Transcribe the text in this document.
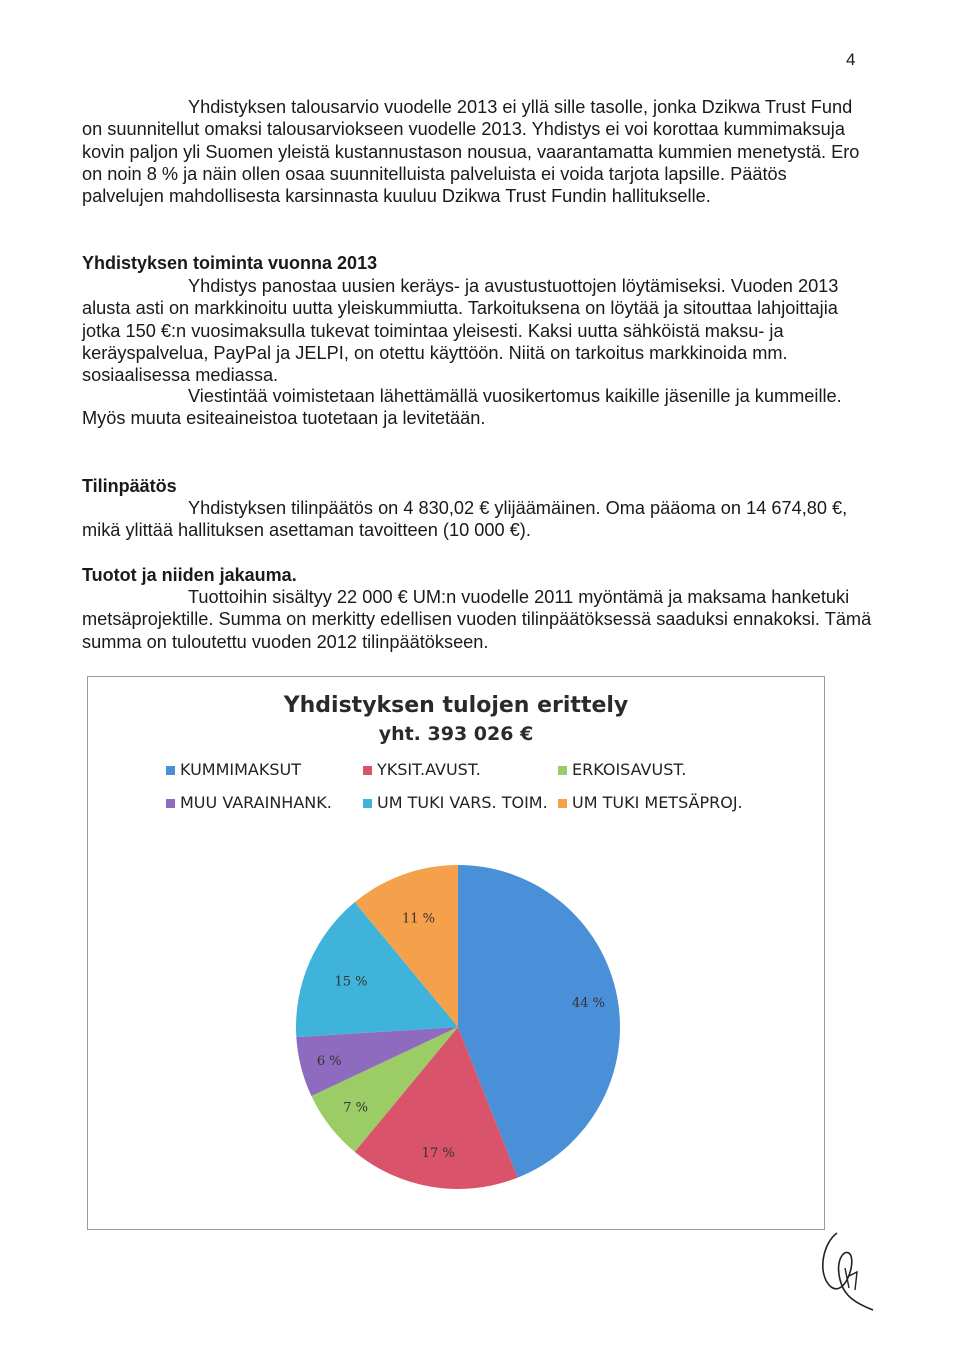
4

Yhdistyksen talousarvio vuodelle 2013 ei yllä sille tasolle, jonka Dzikwa Trust Fund on suunnitellut omaksi talousarviokseen vuodelle 2013. Yhdistys ei voi korottaa kummimaksuja kovin paljon yli Suomen yleistä kustannustason nousua, vaarantamatta kummien menetystä. Ero on noin 8 % ja näin ollen osaa suunnitelluista palveluista ei voida tarjota lapsille. Päätös palvelujen mahdollisesta karsinnasta kuuluu Dzikwa Trust Fundin hallitukselle.

Yhdistyksen toiminta vuonna 2013

Yhdistys panostaa uusien keräys- ja avustustuottojen löytämiseksi. Vuoden 2013 alusta asti on markkinoitu uutta yleiskummiutta. Tarkoituksena on löytää ja sitouttaa lahjoittajia jotka 150 €:n vuosimaksulla tukevat toimintaa yleisesti. Kaksi uutta sähköistä maksu- ja keräyspalvelua, PayPal ja JELPI, on otettu käyttöön. Niitä on tarkoitus markkinoida mm. sosiaalisessa mediassa.

Viestintää voimistetaan lähettämällä vuosikertomus kaikille jäsenille ja kummeille. Myös muuta esiteaineistoa tuotetaan ja levitetään.

Tilinpäätös

Yhdistyksen tilinpäätös on 4 830,02 € ylijäämäinen. Oma pääoma on 14 674,80 €, mikä ylittää hallituksen asettaman tavoitteen (10 000 €).

Tuotot ja niiden jakauma.

Tuottoihin sisältyy 22 000 € UM:n vuodelle 2011 myöntämä ja maksama hanketuki metsäprojektille. Summa on merkitty edellisen vuoden tilinpäätöksessä saaduksi ennakoksi. Tämä summa on tuloutettu vuoden 2012 tilinpäätökseen.

Yhdistyksen tulojen erittely
yht. 393 026 €
KUMMIMAKSUT	YKSIT.AVUST.	ERKOISAVUST.
MUU VARAINHANK.	UM TUKI VARS. TOIM. UM TUKI METSÄPROJ.
44 %
17 %
7 %
6 %
15 %
11 %
